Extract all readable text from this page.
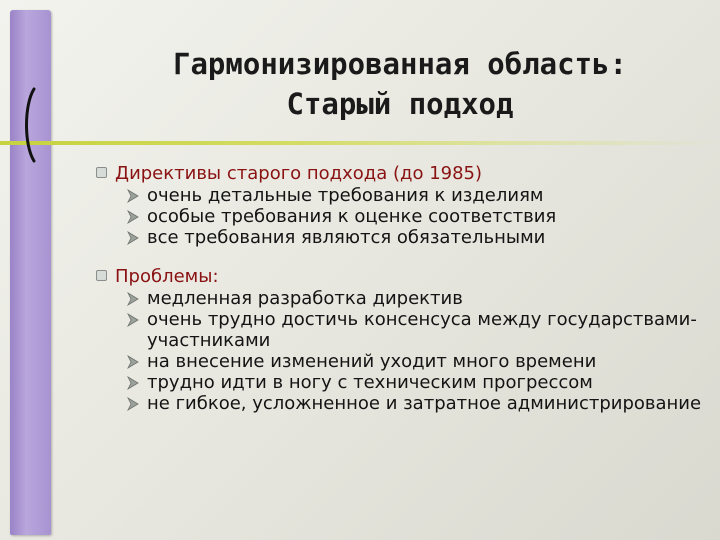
Гармонизированная область:
Старый подход
Директивы старого подхода (до 1985)
очень детальные требования к изделиям
особые требования к оценке соответствия
все требования являются обязательными
Проблемы:
медленная разработка директив
очень трудно достичь консенсуса между государствами-участниками
на внесение изменений уходит много времени
трудно идти в ногу с техническим прогрессом
не гибкое, усложненное и затратное администрирование
